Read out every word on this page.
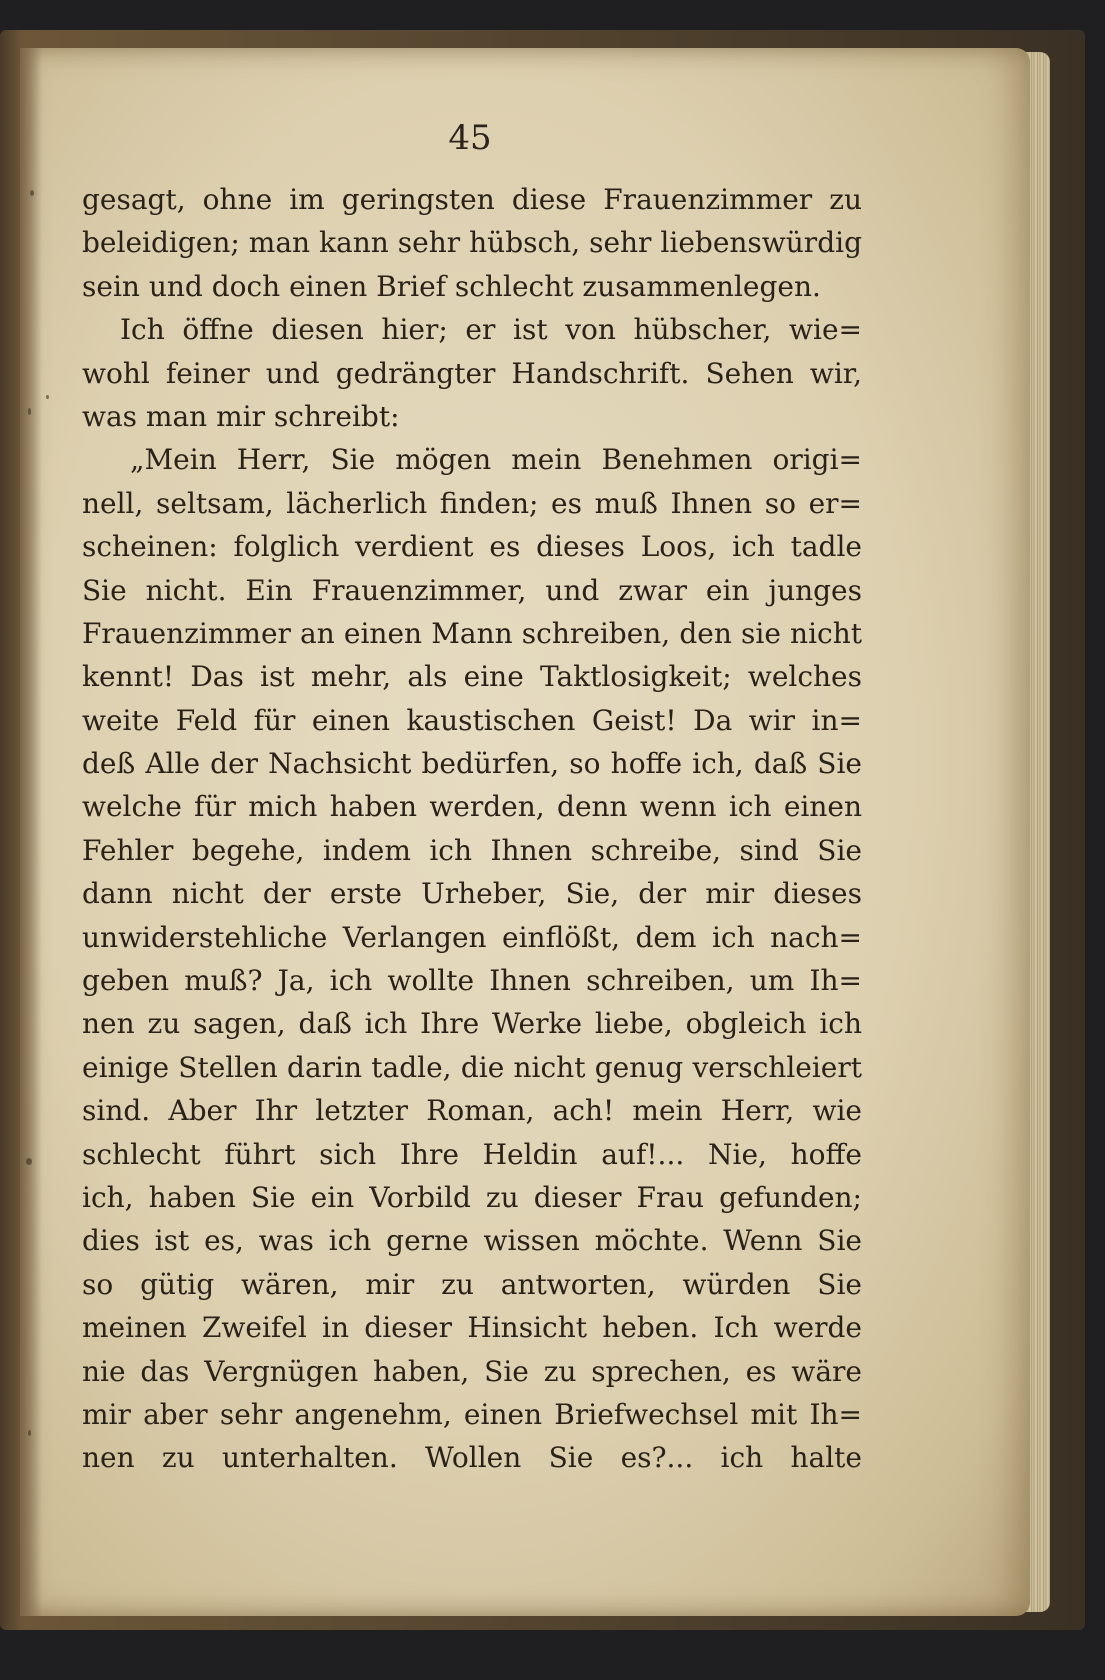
45
gesagt, ohne im geringsten diese Frauenzimmer zu
beleidigen; man kann sehr hübsch, sehr liebenswürdig
sein und doch einen Brief schlecht zusammenlegen.
Ich öffne diesen hier; er ist von hübscher, wie=
wohl feiner und gedrängter Handschrift. Sehen wir,
was man mir schreibt:
„Mein Herr, Sie mögen mein Benehmen origi=
nell, seltsam, lächerlich finden; es muß Ihnen so er=
scheinen: folglich verdient es dieses Loos, ich tadle
Sie nicht. Ein Frauenzimmer, und zwar ein junges
Frauenzimmer an einen Mann schreiben, den sie nicht
kennt! Das ist mehr, als eine Taktlosigkeit; welches
weite Feld für einen kaustischen Geist! Da wir in=
deß Alle der Nachsicht bedürfen, so hoffe ich, daß Sie
welche für mich haben werden, denn wenn ich einen
Fehler begehe, indem ich Ihnen schreibe, sind Sie
dann nicht der erste Urheber, Sie, der mir dieses
unwiderstehliche Verlangen einflößt, dem ich nach=
geben muß? Ja, ich wollte Ihnen schreiben, um Ih=
nen zu sagen, daß ich Ihre Werke liebe, obgleich ich
einige Stellen darin tadle, die nicht genug verschleiert
sind. Aber Ihr letzter Roman, ach! mein Herr, wie
schlecht führt sich Ihre Heldin auf!... Nie, hoffe
ich, haben Sie ein Vorbild zu dieser Frau gefunden;
dies ist es, was ich gerne wissen möchte. Wenn Sie
so gütig wären, mir zu antworten, würden Sie
meinen Zweifel in dieser Hinsicht heben. Ich werde
nie das Vergnügen haben, Sie zu sprechen, es wäre
mir aber sehr angenehm, einen Briefwechsel mit Ih=
nen zu unterhalten. Wollen Sie es?... ich halte
